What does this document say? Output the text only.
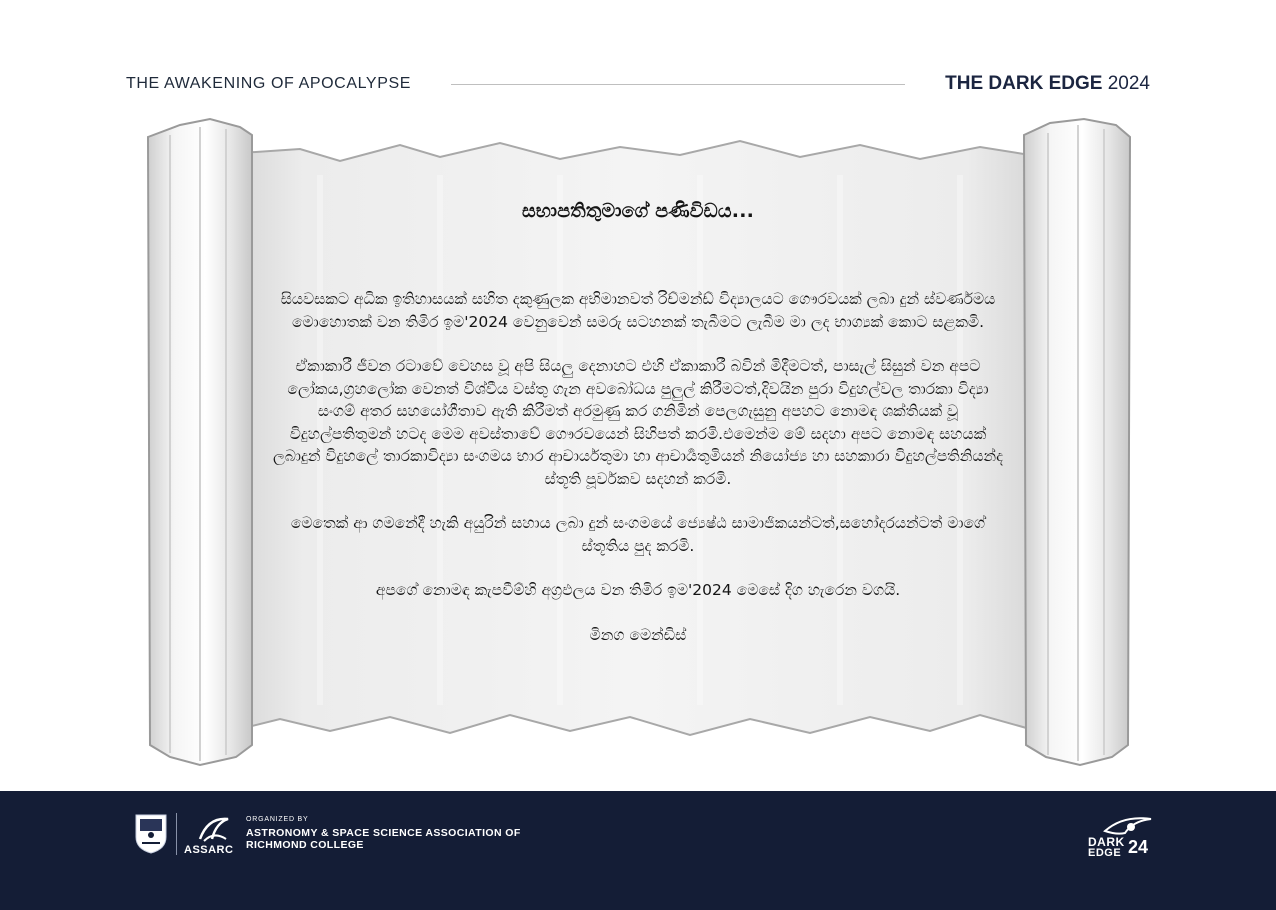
THE AWAKENING OF APOCALYPSE	THE DARK EDGE 2024
සභාපතිතුමාගේ පණිවිඩය...
සියවසකට අධික ඉතිහාසයක් සහිත දකුණුලක අභිමානවත් රිච්මන්ඩ් විද්‍යාලයට ගෞරවයක් ලබා දුන් ස්වර්ණමය මොහොතක් වන තිමිර ඉම'2024 වෙනුවෙන් සමරු සටහනක් තැබීමට ලැබීම මා ලද භාග්‍යක් කොට සළකමි.
ඒකාකාරී ජීවන රටාවේ වෙහස වූ අපි සියලු දෙනාහට එහි ඒකාකාරී බවින් මිදීමටත්, පාසැල් සිසුන් වන අපට ලෝකය,ග්‍රහලෝක වෙනත් විශ්වීය වස්තු ගැන අවබෝධය පුලුල් කිරීමටත්,දිවයින පුරා විදුහල්වල තාරකා විද්‍යා සංගම් අතර සහයෝගීතාව ඇති කිරීමත් අරමුණු කර ගනිමින් පෙලගැසුනු අපහට නොමඳ ශක්තියක් වූ විදුහල්පතිතුමන් හටද මෙම අවස්තාවේ ගෞරවයෙන් සිහිපත් කරමි.එමෙන්ම මේ සදහා අපට නොමඳ සහයක් ලබාදුන් විදුහලේ තාරකාවිද්‍යා සංගමය භාර ආචාර්යතුමා හා ආචාර්‍යතුමියන් නියෝජ්‍ය හා සහකාරා විදුහල්පතිනියන්ද ස්තූති පූර්වකව සදහන් කරමි.
මෙතෙක් ආ ගමනේදී හැකි අයුරින් සහාය ලබා දුන් සංගමයේ ජ්‍යෙෂ්ඨ සාමාජිකයන්ටත්,සහෝදරයන්ටත් මාගේ ස්තූතිය පුද කරමි.
අපගේ නොමඳ කැපවීම්හි අග්‍රඵලය වන තිමිර ඉම'2024 මෙසේ දිග හැරෙන වගයි.
මිනග මෙන්ඩිස්
ASSARC
ORGANIZED BY
ASTRONOMY & SPACE SCIENCE ASSOCIATION OF
RICHMOND COLLEGE	DARK
EDGE 24
